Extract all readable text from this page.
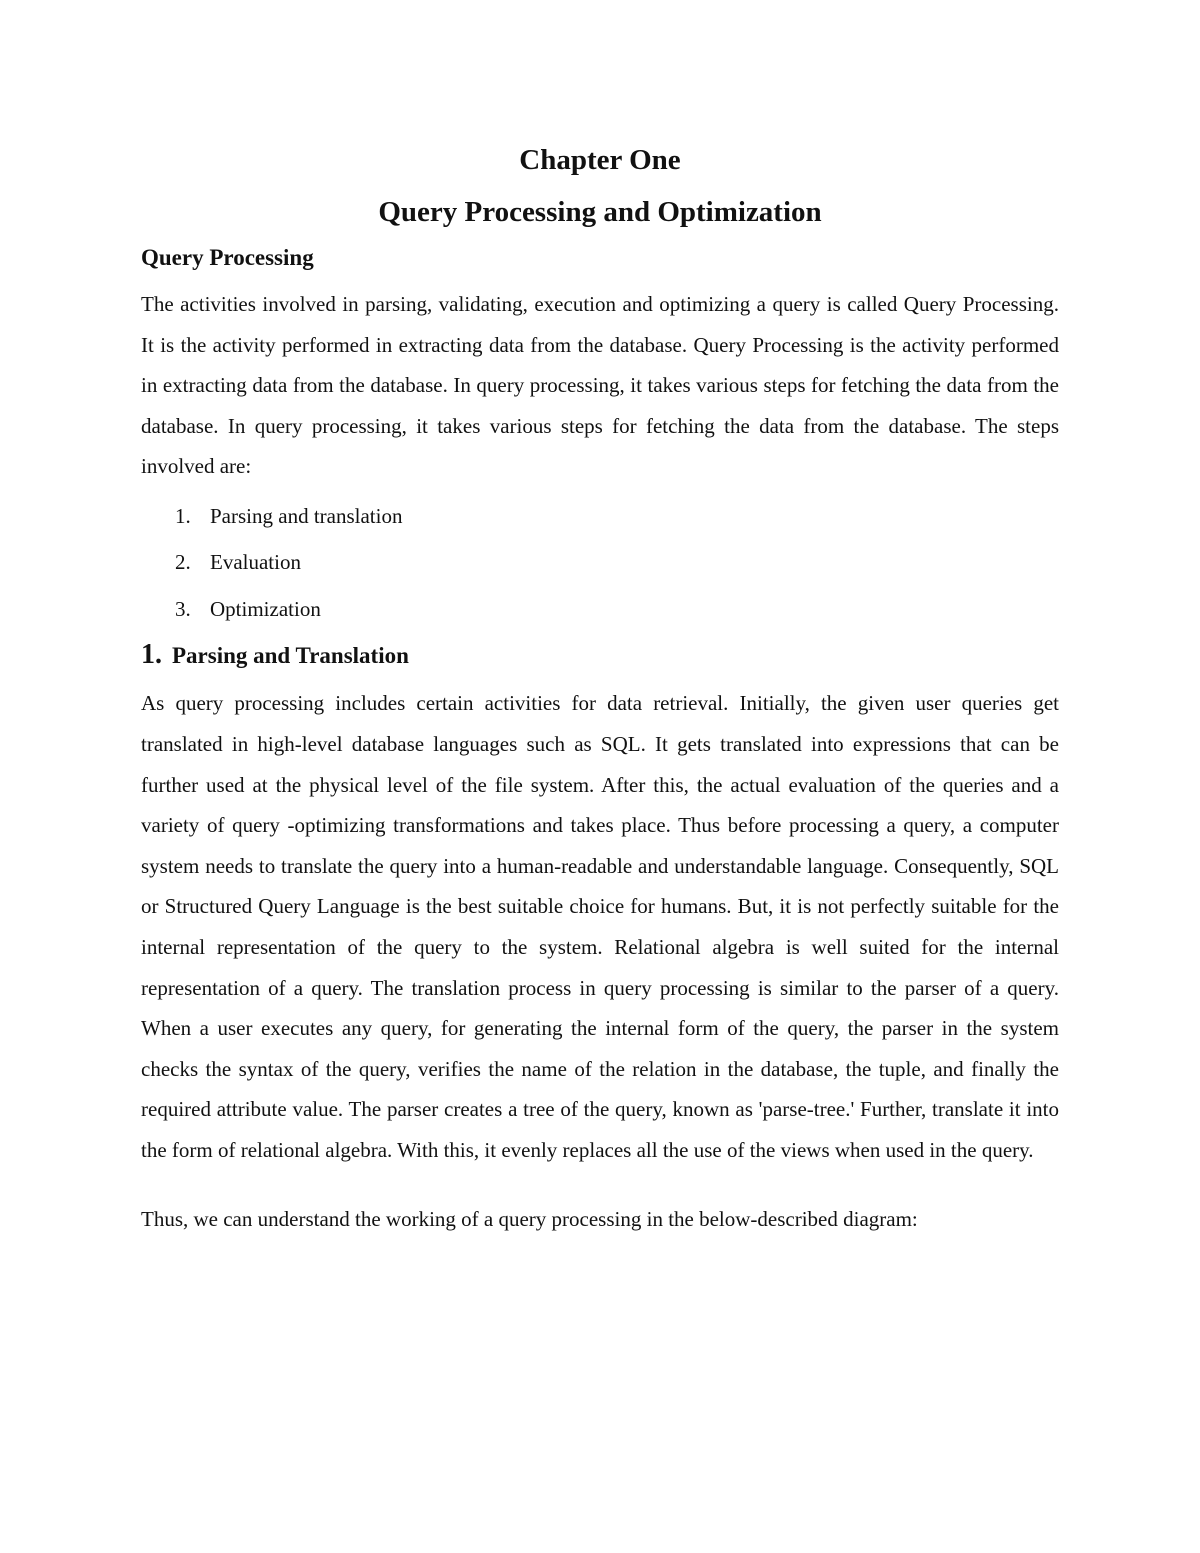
Chapter One
Query Processing and Optimization
Query Processing

The activities involved in parsing, validating, execution and optimizing a query is called Query Processing. It is the activity performed in extracting data from the database. Query Processing is the activity performed in extracting data from the database. In query processing, it takes various steps for fetching the data from the database. In query processing, it takes various steps for fetching the data from the database. The steps involved are:

1. Parsing and translation
2. Evaluation
3. Optimization
1. Parsing and Translation

As query processing includes certain activities for data retrieval. Initially, the given user queries get translated in high-level database languages such as SQL. It gets translated into expressions that can be further used at the physical level of the file system. After this, the actual evaluation of the queries and a variety of query -optimizing transformations and takes place. Thus before processing a query, a computer system needs to translate the query into a human-readable and understandable language. Consequently, SQL or Structured Query Language is the best suitable choice for humans. But, it is not perfectly suitable for the internal representation of the query to the system. Relational algebra is well suited for the internal representation of a query. The translation process in query processing is similar to the parser of a query. When a user executes any query, for generating the internal form of the query, the parser in the system checks the syntax of the query, verifies the name of the relation in the database, the tuple, and finally the required attribute value. The parser creates a tree of the query, known as 'parse-tree.' Further, translate it into the form of relational algebra. With this, it evenly replaces all the use of the views when used in the query.

Thus, we can understand the working of a query processing in the below-described diagram:
